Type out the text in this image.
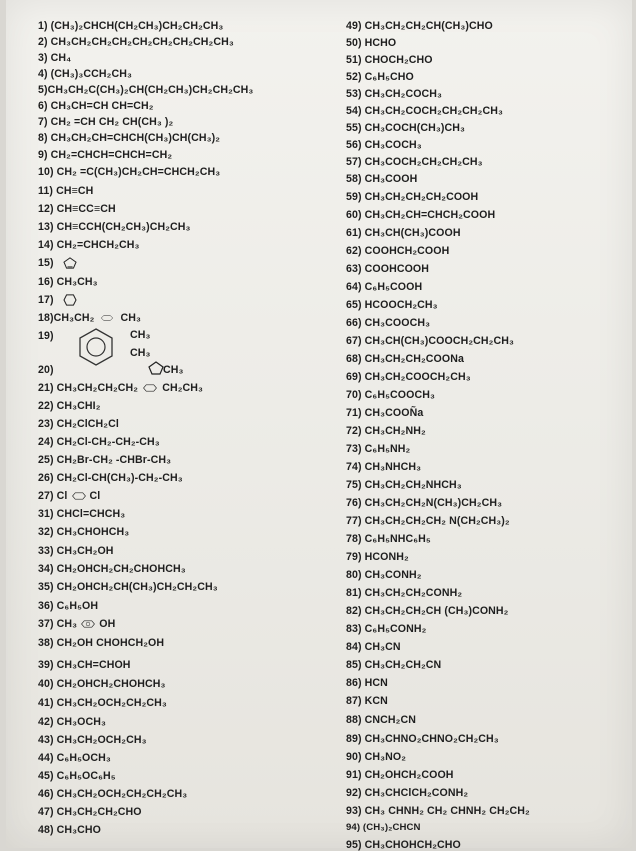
1) (CH₃)₂CHCH(CH₂CH₃)CH₂CH₂CH₃
2) CH₃CH₂CH₂CH₂CH₂CH₂CH₂CH₂CH₃
3) CH₄
4) (CH₃)₃CCH₂CH₃
5)CH₃CH₂C(CH₃)₂CH(CH₂CH₃)CH₂CH₂CH₃
6) CH₃CH=CH CH=CH₂
7) CH₂ =CH CH₂ CH(CH₃ )₂
8) CH₃CH₂CH=CHCH(CH₃)CH(CH₃)₂
9) CH₂=CHCH=CHCH=CH₂
10) CH₂ =C(CH₃)CH₂CH=CHCH₂CH₃
11) CH≡CH
12) CH≡CC≡CH
13) CH≡CCH(CH₂CH₃)CH₂CH₃
14) CH₂=CHCH₂CH₃
15)
16) CH₃CH₃
17)
18)CH₃CH₂ CH₃
19)	CH₃
CH₃
20)	CH₃
21) CH₃CH₂CH₂CH₂ CH₂CH₃
22) CH₃CHI₂
23) CH₂ClCH₂Cl
24) CH₂Cl-CH₂-CH₂-CH₃
25) CH₂Br-CH₂ -CHBr-CH₃
26) CH₂Cl-CH(CH₃)-CH₂-CH₃
27) Cl Cl
31) CHCl=CHCH₃
32) CH₃CHOHCH₃
33) CH₃CH₂OH
34) CH₂OHCH₂CH₂CHOHCH₃
35) CH₂OHCH₂CH(CH₃)CH₂CH₂CH₃
36) C₆H₅OH
37) CH₃ OH
38) CH₂OH CHOHCH₂OH
39) CH₃CH=CHOH
40) CH₂OHCH₂CHOHCH₃
41) CH₃CH₂OCH₂CH₂CH₃
42) CH₃OCH₃
43) CH₃CH₂OCH₂CH₃
44) C₆H₅OCH₃
45) C₆H₅OC₆H₅
46) CH₃CH₂OCH₂CH₂CH₂CH₃
47) CH₃CH₂CH₂CHO
48) CH₃CHO
49) CH₃CH₂CH₂CH(CH₃)CHO
50) HCHO
51) CHOCH₂CHO
52) C₆H₅CHO
53) CH₃CH₂COCH₃
54) CH₃CH₂COCH₂CH₂CH₂CH₃
55) CH₃COCH(CH₃)CH₃
56) CH₃COCH₃
57) CH₃COCH₂CH₂CH₂CH₃
58) CH₃COOH
59) CH₃CH₂CH₂CH₂COOH
60) CH₃CH₂CH=CHCH₂COOH
61) CH₃CH(CH₃)COOH
62) COOHCH₂COOH
63) COOHCOOH
64) C₆H₅COOH
65) HCOOCH₂CH₃
66) CH₃COOCH₃
67) CH₃CH(CH₃)COOCH₂CH₂CH₃
68) CH₃CH₂CH₂COONa
69) CH₃CH₂COOCH₂CH₃
70) C₆H₅COOCH₃
71) CH₃COOÑa
72) CH₃CH₂NH₂
73) C₆H₅NH₂
74) CH₃NHCH₃
75) CH₃CH₂CH₂NHCH₃
76) CH₃CH₂CH₂N(CH₃)CH₂CH₃
77) CH₃CH₂CH₂CH₂ N(CH₂CH₃)₂
78) C₆H₅NHC₆H₅
79) HCONH₂
80) CH₃CONH₂
81) CH₃CH₂CH₂CONH₂
82) CH₃CH₂CH₂CH (CH₃)CONH₂
83) C₆H₅CONH₂
84) CH₃CN
85) CH₃CH₂CH₂CN
86) HCN
87) KCN
88) CNCH₂CN
89) CH₃CHNO₂CHNO₂CH₂CH₃
90) CH₃NO₂
91) CH₂OHCH₂COOH
92) CH₃CHClCH₂CONH₂
93) CH₃ CHNH₂ CH₂ CHNH₂ CH₂CH₂
94) (CH₃)₂CHCN
95) CH₃CHOHCH₂CHO
